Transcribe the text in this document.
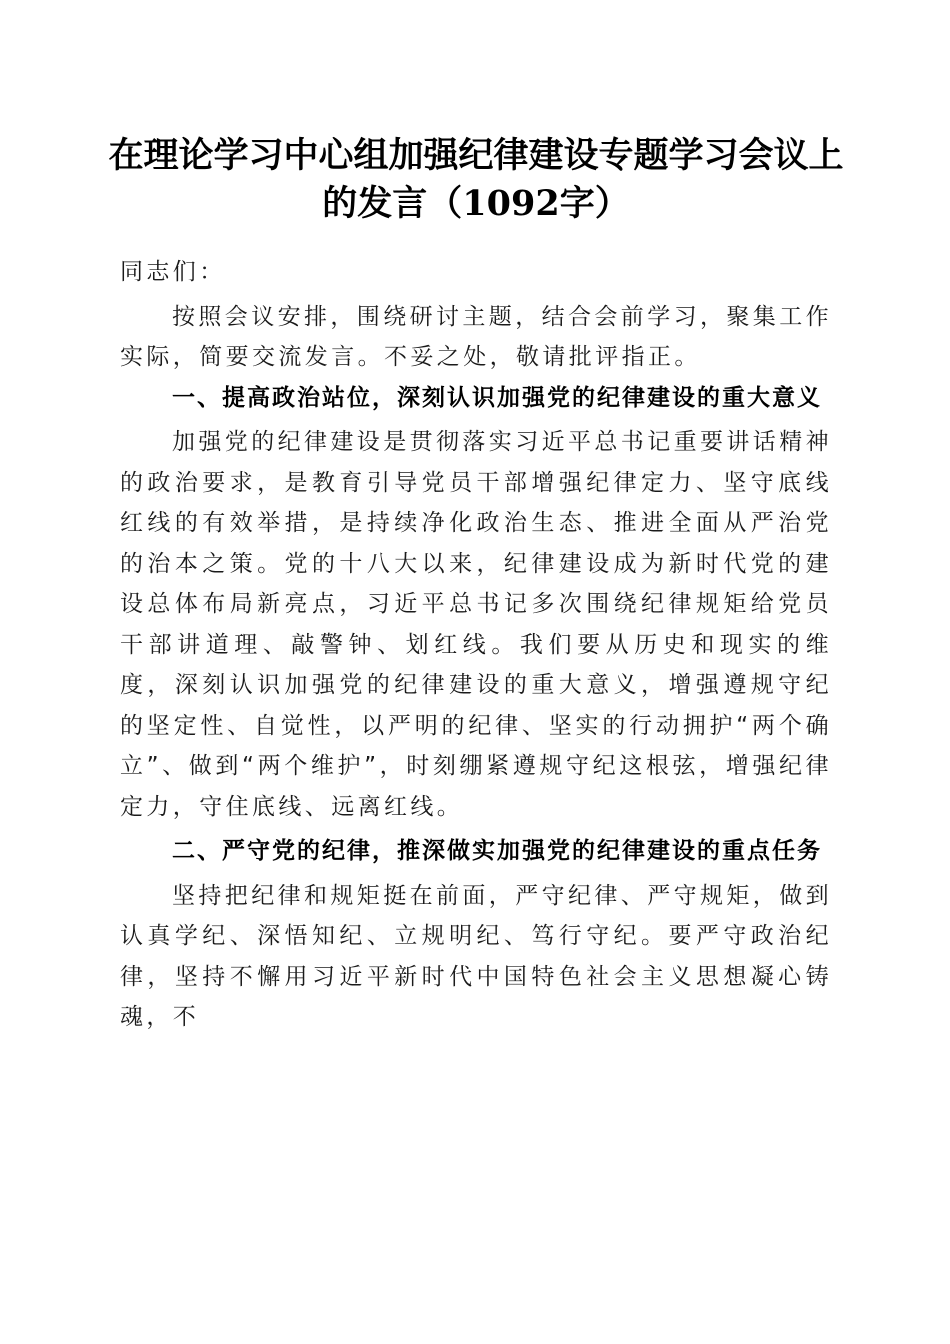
在理论学习中心组加强纪律建设专题学习会议上的发言（1092字）

同志们：

按照会议安排，围绕研讨主题，结合会前学习，聚集工作实际，简要交流发言。不妥之处，敬请批评指正。

一、提高政治站位，深刻认识加强党的纪律建设的重大意义

加强党的纪律建设是贯彻落实习近平总书记重要讲话精神的政治要求，是教育引导党员干部增强纪律定力、坚守底线红线的有效举措，是持续净化政治生态、推进全面从严治党的治本之策。党的十八大以来，纪律建设成为新时代党的建设总体布局新亮点，习近平总书记多次围绕纪律规矩给党员干部讲道理、敲警钟、划红线。我们要从历史和现实的维度，深刻认识加强党的纪律建设的重大意义，增强遵规守纪的坚定性、自觉性，以严明的纪律、坚实的行动拥护“两个确立”、做到“两个维护”，时刻绷紧遵规守纪这根弦，增强纪律定力，守住底线、远离红线。

二、严守党的纪律，推深做实加强党的纪律建设的重点任务

坚持把纪律和规矩挺在前面，严守纪律、严守规矩，做到认真学纪、深悟知纪、立规明纪、笃行守纪。要严守政治纪律，坚持不懈用习近平新时代中国特色社会主义思想凝心铸魂，不
